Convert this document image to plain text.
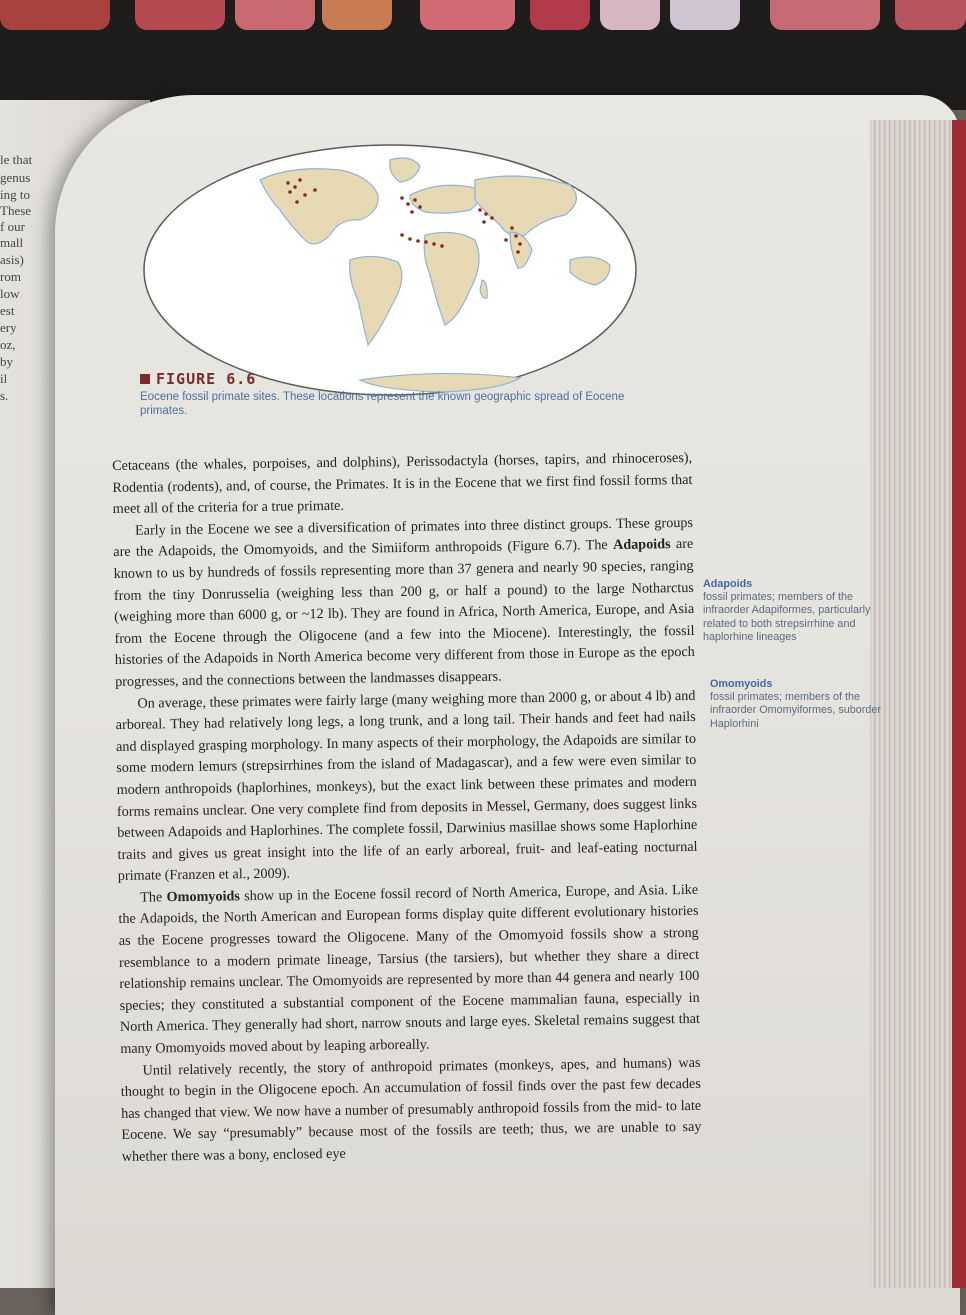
le that
genus
ing to
These
f our
mall
asis)
rom
low
est
ery
oz,
by
il
s.
FIGURE 6.6
Eocene fossil primate sites. These locations represent the known geographic spread of Eocene primates.

Cetaceans (the whales, porpoises, and dolphins), Perissodactyla (horses, tapirs, and rhinoceroses), Rodentia (rodents), and, of course, the Primates. It is in the Eocene that we first find fossil forms that meet all of the criteria for a true primate.

Early in the Eocene we see a diversification of primates into three distinct groups. These groups are the Adapoids, the Omomyoids, and the Simiiform anthropoids (Figure 6.7). The Adapoids are known to us by hundreds of fossils representing more than 37 genera and nearly 90 species, ranging from the tiny Donrusselia (weighing less than 200 g, or half a pound) to the large Notharctus (weighing more than 6000 g, or ~12 lb). They are found in Africa, North America, Europe, and Asia from the Eocene through the Oligocene (and a few into the Miocene). Interestingly, the fossil histories of the Adapoids in North America become very different from those in Europe as the epoch progresses, and the connections between the landmasses disappears.

On average, these primates were fairly large (many weighing more than 2000 g, or about 4 lb) and arboreal. They had relatively long legs, a long trunk, and a long tail. Their hands and feet had nails and displayed grasping morphology. In many aspects of their morphology, the Adapoids are similar to some modern lemurs (strepsirrhines from the island of Madagascar), and a few were even similar to modern anthropoids (haplorhines, monkeys), but the exact link between these primates and modern forms remains unclear. One very complete find from deposits in Messel, Germany, does suggest links between Adapoids and Haplorhines. The complete fossil, Darwinius masillae shows some Haplorhine traits and gives us great insight into the life of an early arboreal, fruit- and leaf-eating nocturnal primate (Franzen et al., 2009).

The Omomyoids show up in the Eocene fossil record of North America, Europe, and Asia. Like the Adapoids, the North American and European forms display quite different evolutionary histories as the Eocene progresses toward the Oligocene. Many of the Omomyoid fossils show a strong resemblance to a modern primate lineage, Tarsius (the tarsiers), but whether they share a direct relationship remains unclear. The Omomyoids are represented by more than 44 genera and nearly 100 species; they constituted a substantial component of the Eocene mammalian fauna, especially in North America. They generally had short, narrow snouts and large eyes. Skeletal remains suggest that many Omomyoids moved about by leaping arboreally.

Until relatively recently, the story of anthropoid primates (monkeys, apes, and humans) was thought to begin in the Oligocene epoch. An accumulation of fossil finds over the past few decades has changed that view. We now have a number of presumably anthropoid fossils from the mid- to late Eocene. We say “presumably” because most of the fossils are teeth; thus, we are unable to say whether there was a bony, enclosed eye

Adapoids
fossil primates; members of the infraorder Adapiformes, particularly related to both strepsirrhine and haplorhine lineages
Omomyoids
fossil primates; members of the infraorder Omomyiformes, suborder Haplorhini
